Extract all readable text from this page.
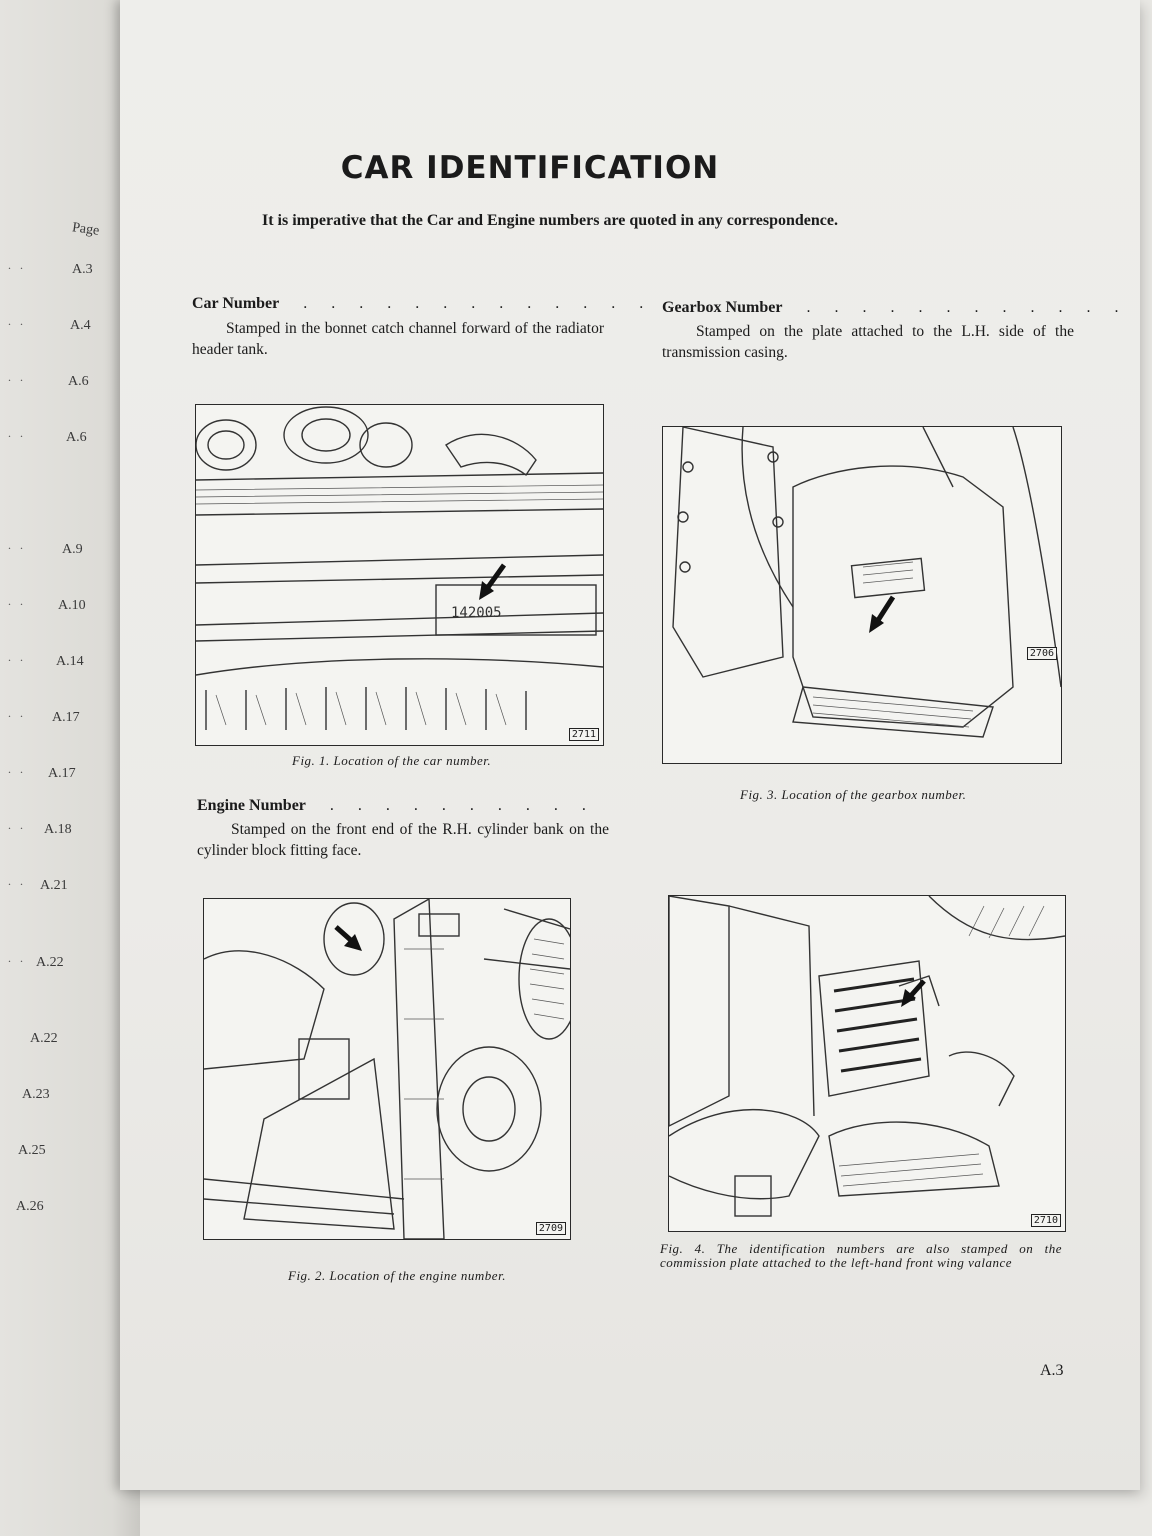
Page
A.3
. .
A.4
. .
A.6
. .
A.6
. .
A.9
. .
A.10
. .
A.14
. .
A.17
. .
A.17
. .
A.18
. .
A.21
. .
A.22
. .
A.22
A.23
A.25
A.26
CAR IDENTIFICATION
It is imperative that the Car and Engine numbers are quoted in any correspondence.
Car Number . . . . . . . . . . . . . .
Stamped in the bonnet catch channel forward of the radiator header tank.
Gearbox Number . . . . . . . . . . . .
Stamped on the plate attached to the L.H. side of the transmission casing.
142005
2711
Fig. 1. Location of the car number.
2706
Fig. 3. Location of the gearbox number.
Engine Number . . . . . . . . . .
Stamped on the front end of the R.H. cylinder bank on the cylinder block fitting face.
2709
Fig. 2. Location of the engine number.
2710
Fig. 4. The identification numbers are also stamped on the commission plate attached to the left-hand front wing valance
A.3
